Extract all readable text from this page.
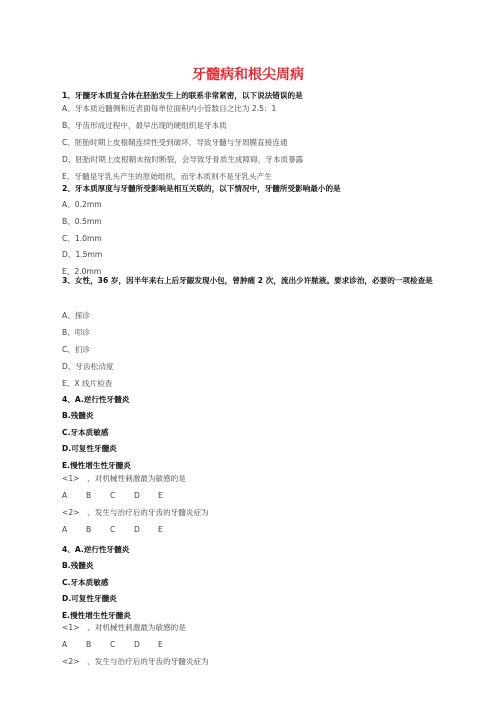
牙髓病和根尖周病
1、牙髓牙本质复合体在胚胎发生上的联系非常紧密，以下说法错误的是
A、牙本质近髓侧和近表面每单位面积内小管数目之比为 2.5：1
B、牙齿形成过程中，最早出现的硬组织是牙本质
C、胚胎时期上皮根鞘连续性受到破坏，导致牙髓与牙周膜直接连通
D、胚胎时期上皮根鞘未按时断裂，会导致牙骨质生成障碍，牙本质暴露
E、牙髓是牙乳头产生的原始组织，而牙本质则不是牙乳头产生
2、牙本质厚度与牙髓所受影响是相互关联的，以下情况中，牙髓所受影响最小的是
A、0.2mm
B、0.5mm
C、1.0mm
D、1.5mm
E、2.0mm
3、女性，36 岁，因半年来右上后牙龈发现小包，曾肿痛 2 次，流出少许脓液。要求诊治，必要的一项检查是
A、探诊
B、叩诊
C、扪诊
D、牙齿松动度
E、X 线片检查
4、A.逆行性牙髓炎
B.残髓炎
C.牙本质敏感
D.可复性牙髓炎
E.慢性增生性牙髓炎
<1>　、对机械性刺激最为敏感的是
A B C D E
<2>　、发生与治疗后的牙齿的牙髓炎症为
A B C D E
4、A.逆行性牙髓炎
B.残髓炎
C.牙本质敏感
D.可复性牙髓炎
E.慢性增生性牙髓炎
<1>　、对机械性刺激最为敏感的是
A B C D E
<2>　、发生与治疗后的牙齿的牙髓炎症为
